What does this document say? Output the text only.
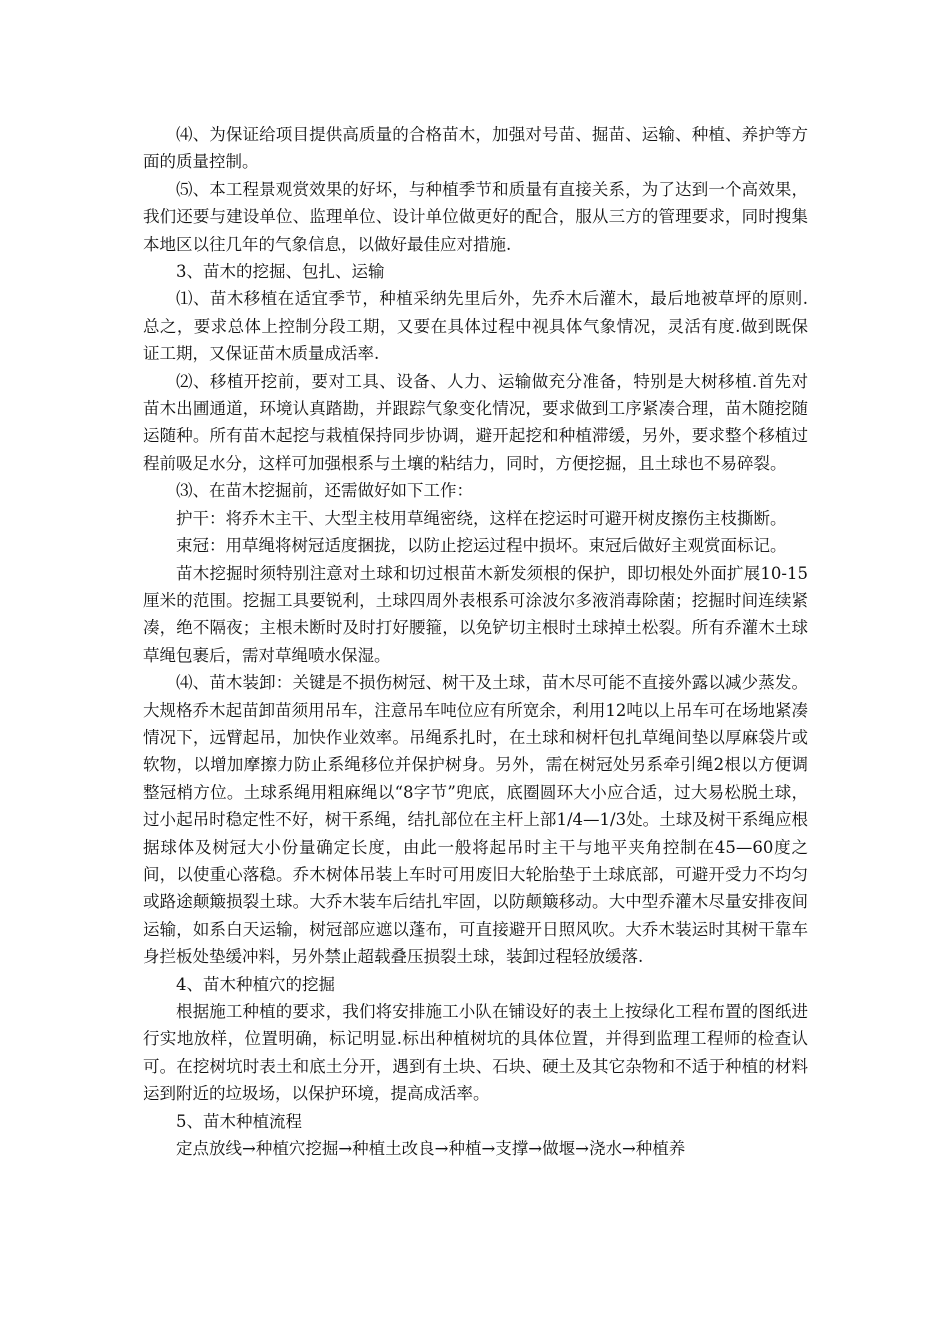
⑷、为保证给项目提供高质量的合格苗木，加强对号苗、掘苗、运输、种植、养护等方面的质量控制。

⑸、本工程景观赏效果的好坏，与种植季节和质量有直接关系，为了达到一个高效果，我们还要与建设单位、监理单位、设计单位做更好的配合，服从三方的管理要求，同时搜集本地区以往几年的气象信息，以做好最佳应对措施.

3、苗木的挖掘、包扎、运输

⑴、苗木移植在适宜季节，种植采纳先里后外，先乔木后灌木，最后地被草坪的原则.总之，要求总体上控制分段工期，又要在具体过程中视具体气象情况，灵活有度.做到既保证工期，又保证苗木质量成活率.

⑵、移植开挖前，要对工具、设备、人力、运输做充分准备，特别是大树移植.首先对苗木出圃通道，环境认真踏勘，并跟踪气象变化情况，要求做到工序紧凑合理，苗木随挖随运随种。所有苗木起挖与栽植保持同步协调，避开起挖和种植滞缓，另外，要求整个移植过程前吸足水分，这样可加强根系与土壤的粘结力，同时，方便挖掘，且土球也不易碎裂。

⑶、在苗木挖掘前，还需做好如下工作：

护干：将乔木主干、大型主枝用草绳密绕，这样在挖运时可避开树皮擦伤主枝撕断。

束冠：用草绳将树冠适度捆拢，以防止挖运过程中损坏。束冠后做好主观赏面标记。

苗木挖掘时须特别注意对土球和切过根苗木新发须根的保护，即切根处外面扩展10-15厘米的范围。挖掘工具要锐利，土球四周外表根系可涂波尔多液消毒除菌；挖掘时间连续紧凑，绝不隔夜；主根未断时及时打好腰箍，以免铲切主根时土球掉土松裂。所有乔灌木土球草绳包裹后，需对草绳喷水保湿。

⑷、苗木装卸：关键是不损伤树冠、树干及土球，苗木尽可能不直接外露以减少蒸发。大规格乔木起苗卸苗须用吊车，注意吊车吨位应有所宽余，利用12吨以上吊车可在场地紧凑情况下，远臂起吊，加快作业效率。吊绳系扎时，在土球和树杆包扎草绳间垫以厚麻袋片或软物，以增加摩擦力防止系绳移位并保护树身。另外，需在树冠处另系牵引绳2根以方便调整冠梢方位。土球系绳用粗麻绳以“8字节”兜底，底圈圆环大小应合适，过大易松脱土球，过小起吊时稳定性不好，树干系绳，结扎部位在主杆上部1/4—1/3处。土球及树干系绳应根据球体及树冠大小份量确定长度，由此一般将起吊时主干与地平夹角控制在45—60度之间，以使重心落稳。乔木树体吊装上车时可用废旧大轮胎垫于土球底部，可避开受力不均匀或路途颠簸损裂土球。大乔木装车后结扎牢固，以防颠簸移动。大中型乔灌木尽量安排夜间运输，如系白天运输，树冠部应遮以蓬布，可直接避开日照风吹。大乔木装运时其树干靠车身拦板处垫缓冲料，另外禁止超载叠压损裂土球，装卸过程轻放缓落.

4、苗木种植穴的挖掘

根据施工种植的要求，我们将安排施工小队在铺设好的表土上按绿化工程布置的图纸进行实地放样，位置明确，标记明显.标出种植树坑的具体位置，并得到监理工程师的检查认可。在挖树坑时表土和底土分开，遇到有土块、石块、硬土及其它杂物和不适于种植的材料运到附近的垃圾场，以保护环境，提高成活率。

5、苗木种植流程

定点放线→种植穴挖掘→种植土改良→种植→支撑→做堰→浇水→种植养
